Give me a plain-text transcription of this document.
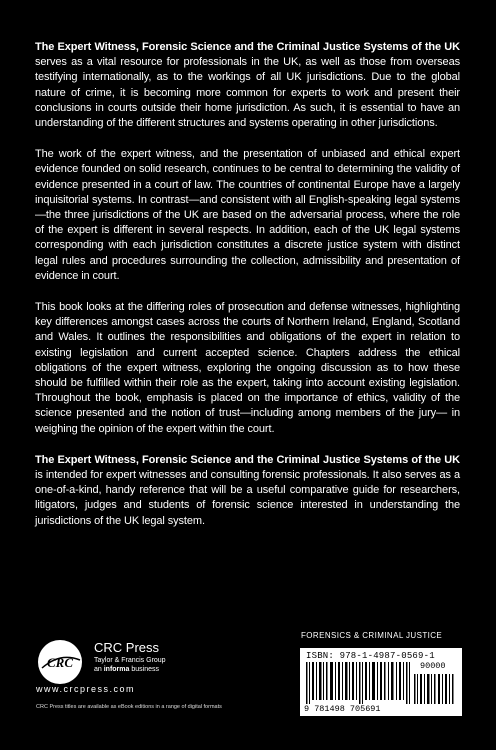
The Expert Witness, Forensic Science and the Criminal Justice Systems of the UK serves as a vital resource for professionals in the UK, as well as those from overseas testifying internationally, as to the workings of all UK jurisdictions. Due to the global nature of crime, it is becoming more common for experts to work and present their conclusions in courts outside their home jurisdiction. As such, it is essential to have an understanding of the different structures and systems operating in other jurisdictions.

The work of the expert witness, and the presentation of unbiased and ethical expert evidence founded on solid research, continues to be central to determining the validity of evidence presented in a court of law. The countries of continental Europe have a largely inquisitorial systems. In contrast—and consistent with all English-speaking legal systems—the three jurisdictions of the UK are based on the adversarial process, where the role of the expert is different in several respects. In addition, each of the UK legal systems corresponding with each jurisdiction constitutes a discrete justice system with distinct legal rules and procedures surrounding the collection, admissibility and presentation of evidence in court.

This book looks at the differing roles of prosecution and defense witnesses, highlighting key differences amongst cases across the courts of Northern Ireland, England, Scotland and Wales. It outlines the responsibilities and obligations of the expert in relation to existing legislation and current accepted science. Chapters address the ethical obligations of the expert witness, exploring the ongoing discussion as to how these should be fulfilled within their role as the expert, taking into account existing legislation. Throughout the book, emphasis is placed on the importance of ethics, validity of the science presented and the notion of trust—including among members of the jury— in weighing the opinion of the expert within the court.

The Expert Witness, Forensic Science and the Criminal Justice Systems of the UK is intended for expert witnesses and consulting forensic professionals. It also serves as a one-of-a-kind, handy reference that will be a useful comparative guide for researchers, litigators, judges and students of forensic science interested in understanding the jurisdictions of the UK legal system.

CRC
CRC Press
Taylor & Francis Group
an informa business
www.crcpress.com
CRC Press titles are available as eBook editions in a range of digital formats
FORENSICS & CRIMINAL JUSTICE
ISBN: 978-1-4987-0569-1
90000
9 781498 705691
